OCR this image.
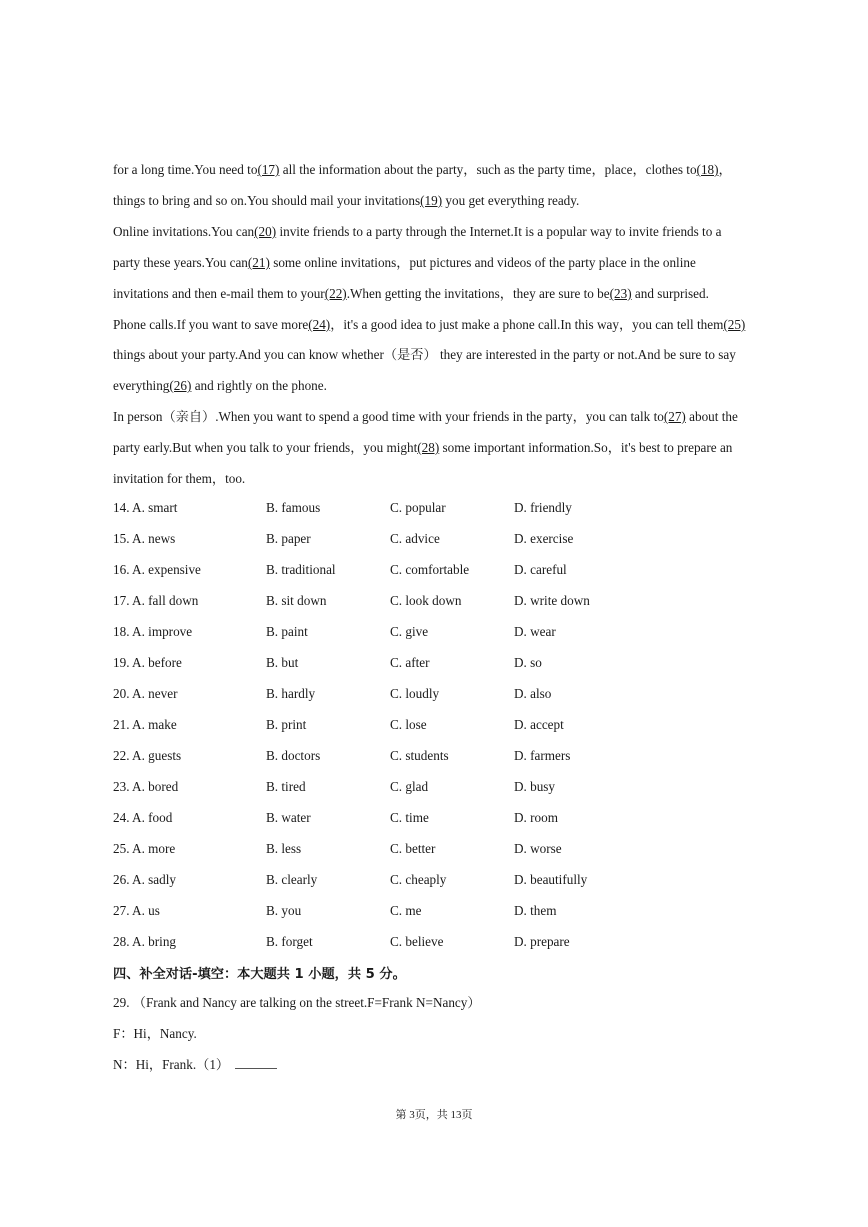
for a long time.You need to(17) all the information about the party，such as the party time，place，clothes to(18)，
things to bring and so on.You should mail your invitations(19) you get everything ready.
Online invitations.You can(20) invite friends to a party through the Internet.It is a popular way to invite friends to a
party these years.You can(21) some online invitations，put pictures and videos of the party place in the online
invitations and then e-mail them to your(22).When getting the invitations，they are sure to be(23) and surprised.
Phone calls.If you want to save more(24)，it's a good idea to just make a phone call.In this way，you can tell them(25)
things about your party.And you can know whether（是否） they are interested in the party or not.And be sure to say
everything(26) and rightly on the phone.
In person（亲自）.When you want to spend a good time with your friends in the party，you can talk to(27) about the
party early.But when you talk to your friends，you might(28) some important information.So，it's best to prepare an
invitation for them，too.
14. A. smart	B. famous	C. popular	D. friendly
15. A. news	B. paper	C. advice	D. exercise
16. A. expensive	B. traditional	C. comfortable	D. careful
17. A. fall down	B. sit down	C. look down	D. write down
18. A. improve	B. paint	C. give	D. wear
19. A. before	B. but	C. after	D. so
20. A. never	B. hardly	C. loudly	D. also
21. A. make	B. print	C. lose	D. accept
22. A. guests	B. doctors	C. students	D. farmers
23. A. bored	B. tired	C. glad	D. busy
24. A. food	B. water	C. time	D. room
25. A. more	B. less	C. better	D. worse
26. A. sadly	B. clearly	C. cheaply	D. beautifully
27. A. us	B. you	C. me	D. them
28. A. bring	B. forget	C. believe	D. prepare
四、补全对话-填空：本大题共 1 小题，共 5 分。
29. （Frank and Nancy are talking on the street.F=Frank N=Nancy）
F：Hi，Nancy.
N：Hi，Frank.（1）
第 3页，共 13页
